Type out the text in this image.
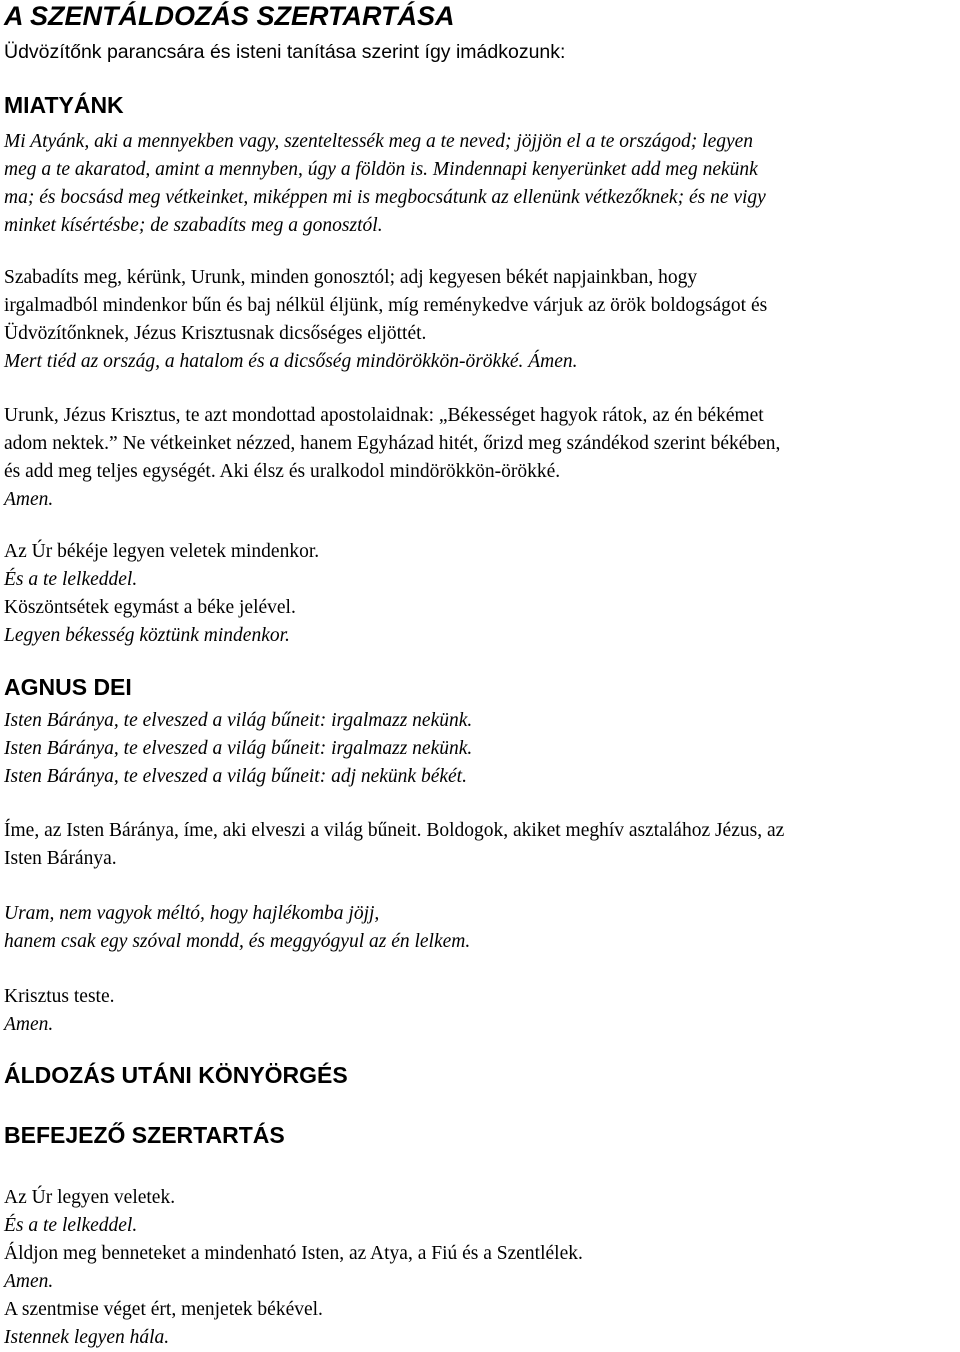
A SZENTÁLDOZÁS SZERTARTÁSA

Üdvözítőnk parancsára és isteni tanítása szerint így imádkozunk:

MIATYÁNK

Mi Atyánk, aki a mennyekben vagy, szenteltessék meg a te neved; jöjjön el a te országod; legyen
meg a te akaratod, amint a mennyben, úgy a földön is. Mindennapi kenyerünket add meg nekünk
ma; és bocsásd meg vétkeinket, miképpen mi is megbocsátunk az ellenünk vétkezőknek; és ne vigy
minket kísértésbe; de szabadíts meg a gonosztól.

Szabadíts meg, kérünk, Urunk, minden gonosztól; adj kegyesen békét napjainkban, hogy
irgalmadból mindenkor bűn és baj nélkül éljünk, míg reménykedve várjuk az örök boldogságot és
Üdvözítőnknek, Jézus Krisztusnak dicsőséges eljöttét.
Mert tiéd az ország, a hatalom és a dicsőség mindörökkön-örökké. Ámen.

Urunk, Jézus Krisztus, te azt mondottad apostolaidnak: „Békességet hagyok rátok, az én békémet
adom nektek.” Ne vétkeinket nézzed, hanem Egyházad hitét, őrizd meg szándékod szerint békében,
és add meg teljes egységét. Aki élsz és uralkodol mindörökkön-örökké.
Amen.

Az Úr békéje legyen veletek mindenkor.
És a te lelkeddel.
Köszöntsétek egymást a béke jelével.
Legyen békesség köztünk mindenkor.

AGNUS DEI

Isten Báránya, te elveszed a világ bűneit: irgalmazz nekünk.
Isten Báránya, te elveszed a világ bűneit: irgalmazz nekünk.
Isten Báránya, te elveszed a világ bűneit: adj nekünk békét.

Íme, az Isten Báránya, íme, aki elveszi a világ bűneit. Boldogok, akiket meghív asztalához Jézus, az
Isten Báránya.

Uram, nem vagyok méltó, hogy hajlékomba jöjj,
hanem csak egy szóval mondd, és meggyógyul az én lelkem.

Krisztus teste.
Amen.

ÁLDOZÁS UTÁNI KÖNYÖRGÉS
BEFEJEZŐ SZERTARTÁS

Az Úr legyen veletek.
És a te lelkeddel.
Áldjon meg benneteket a mindenható Isten, az Atya, a Fiú és a Szentlélek.
Amen.
A szentmise véget ért, menjetek békével.
Istennek legyen hála.
